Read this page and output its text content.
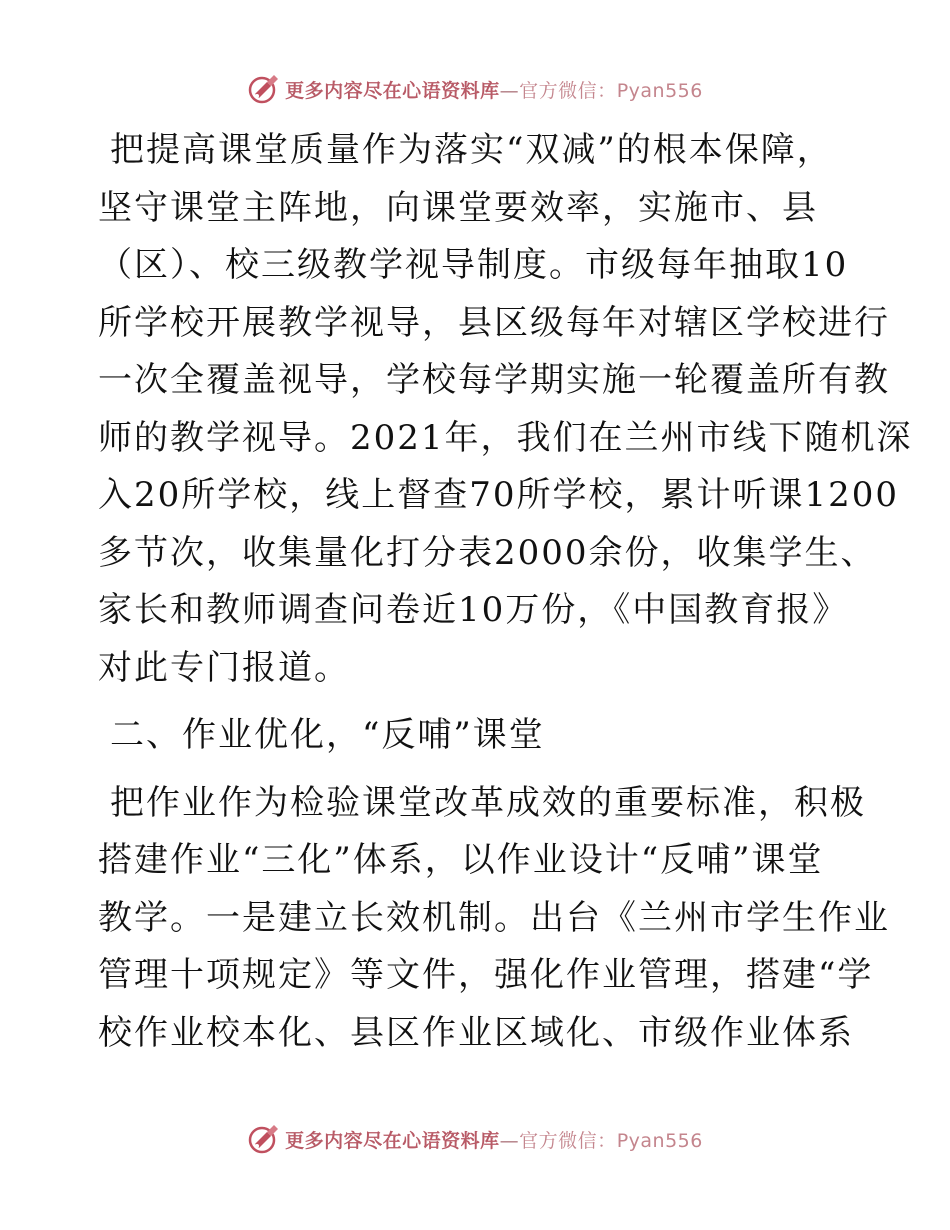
更多内容尽在心语资料库—官方微信：Pyan556
把提高课堂质量作为落实“双减”的根本保障，
坚守课堂主阵地，向课堂要效率，实施市、县
（区）、校三级教学视导制度。市级每年抽取10
所学校开展教学视导，县区级每年对辖区学校进行
一次全覆盖视导，学校每学期实施一轮覆盖所有教
师的教学视导。2021年，我们在兰州市线下随机深
入20所学校，线上督查70所学校，累计听课1200
多节次，收集量化打分表2000余份，收集学生、
家长和教师调查问卷近10万份，《中国教育报》
对此专门报道。
二、作业优化，“反哺”课堂
把作业作为检验课堂改革成效的重要标准，积极
搭建作业“三化”体系，以作业设计“反哺”课堂
教学。一是建立长效机制。出台《兰州市学生作业
管理十项规定》等文件，强化作业管理，搭建“学
校作业校本化、县区作业区域化、市级作业体系
更多内容尽在心语资料库—官方微信：Pyan556
